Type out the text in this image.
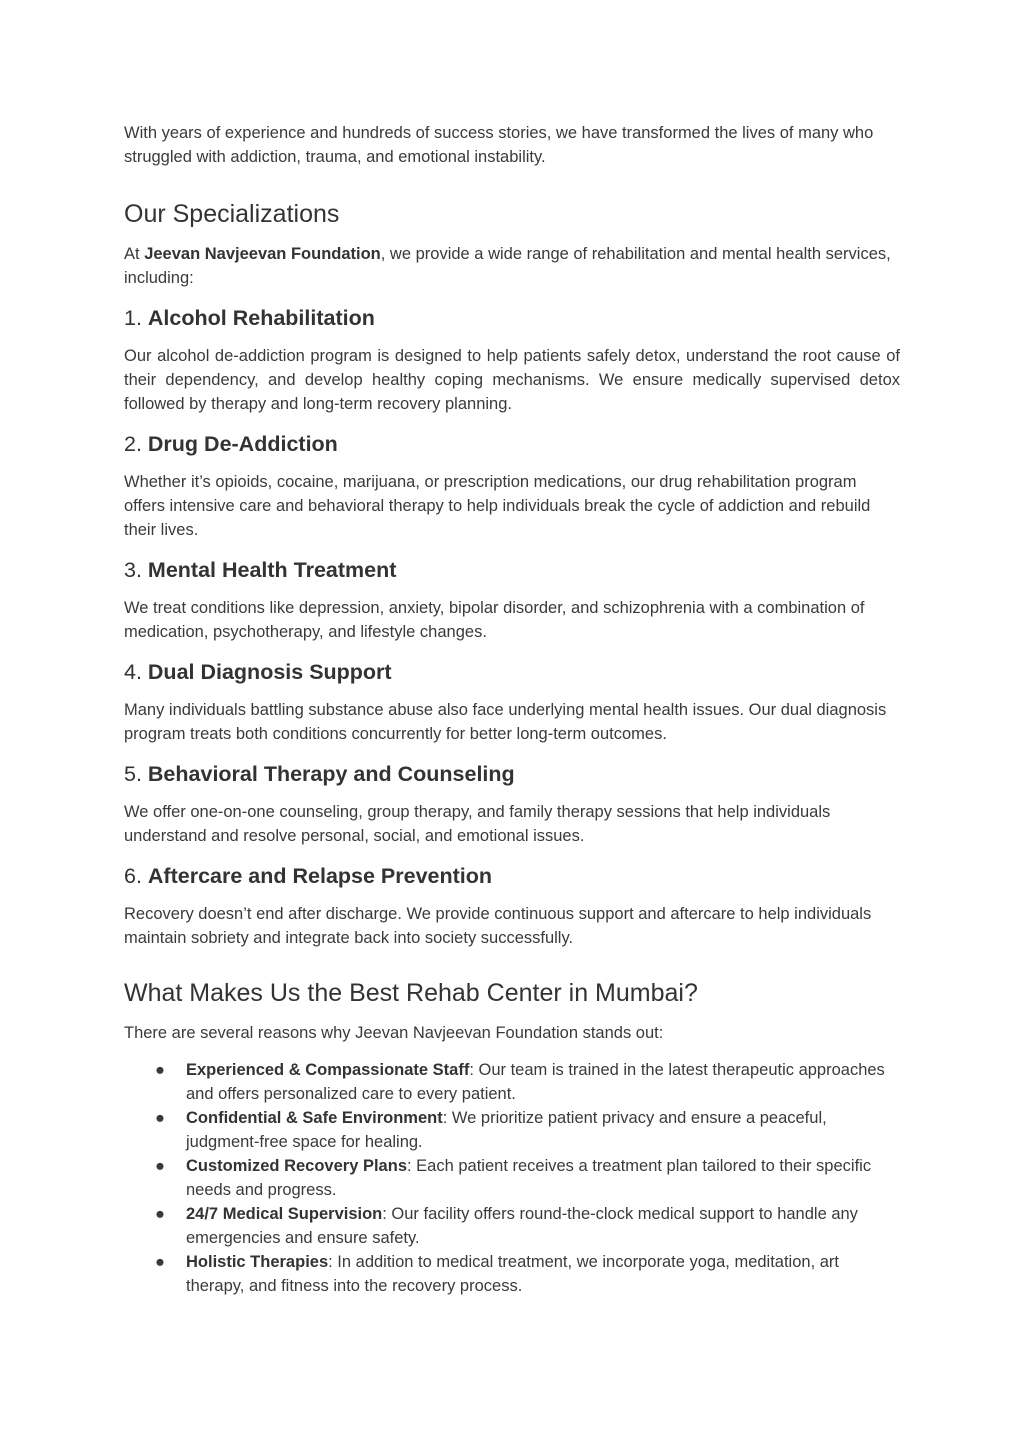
With years of experience and hundreds of success stories, we have transformed the lives of many who struggled with addiction, trauma, and emotional instability.

Our Specializations

At Jeevan Navjeevan Foundation, we provide a wide range of rehabilitation and mental health services, including:

1. Alcohol Rehabilitation

Our alcohol de-addiction program is designed to help patients safely detox, understand the root cause of their dependency, and develop healthy coping mechanisms. We ensure medically supervised detox followed by therapy and long-term recovery planning.

2. Drug De-Addiction

Whether it’s opioids, cocaine, marijuana, or prescription medications, our drug rehabilitation program offers intensive care and behavioral therapy to help individuals break the cycle of addiction and rebuild their lives.

3. Mental Health Treatment

We treat conditions like depression, anxiety, bipolar disorder, and schizophrenia with a combination of medication, psychotherapy, and lifestyle changes.

4. Dual Diagnosis Support

Many individuals battling substance abuse also face underlying mental health issues. Our dual diagnosis program treats both conditions concurrently for better long-term outcomes.

5. Behavioral Therapy and Counseling

We offer one-on-one counseling, group therapy, and family therapy sessions that help individuals understand and resolve personal, social, and emotional issues.

6. Aftercare and Relapse Prevention

Recovery doesn’t end after discharge. We provide continuous support and aftercare to help individuals maintain sobriety and integrate back into society successfully.

What Makes Us the Best Rehab Center in Mumbai?

There are several reasons why Jeevan Navjeevan Foundation stands out:

● Experienced & Compassionate Staff: Our team is trained in the latest therapeutic approaches and offers personalized care to every patient.
● Confidential & Safe Environment: We prioritize patient privacy and ensure a peaceful, judgment-free space for healing.
● Customized Recovery Plans: Each patient receives a treatment plan tailored to their specific needs and progress.
● 24/7 Medical Supervision: Our facility offers round-the-clock medical support to handle any emergencies and ensure safety.
● Holistic Therapies: In addition to medical treatment, we incorporate yoga, meditation, art therapy, and fitness into the recovery process.
